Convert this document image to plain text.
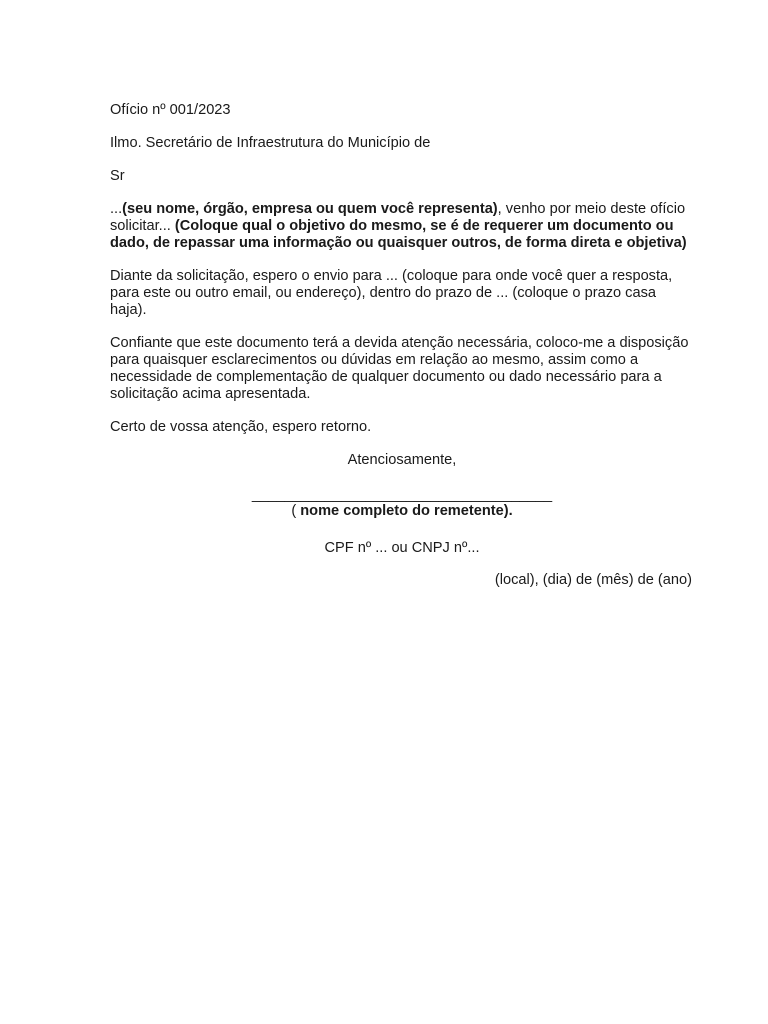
Ofício nº 001/2023

Ilmo. Secretário de Infraestrutura do Município de

Sr

...(seu nome, órgão, empresa ou quem você representa), venho por meio deste ofício solicitar... (Coloque qual o objetivo do mesmo, se é de requerer um documento ou dado, de repassar uma informação ou quaisquer outros, de forma direta e objetiva)

Diante da solicitação, espero o envio para ... (coloque para onde você quer a resposta, para este ou outro email, ou endereço), dentro do prazo de ... (coloque o prazo casa haja).

Confiante que este documento terá a devida atenção necessária, coloco-me a disposição para quaisquer esclarecimentos ou dúvidas em relação ao mesmo, assim como a necessidade de complementação de qualquer documento ou dado necessário para a solicitação acima apresentada.

Certo de vossa atenção, espero retorno.

Atenciosamente,

_____________________________________
( nome completo do remetente).

CPF nº ... ou CNPJ nº...

(local), (dia) de (mês) de (ano)
